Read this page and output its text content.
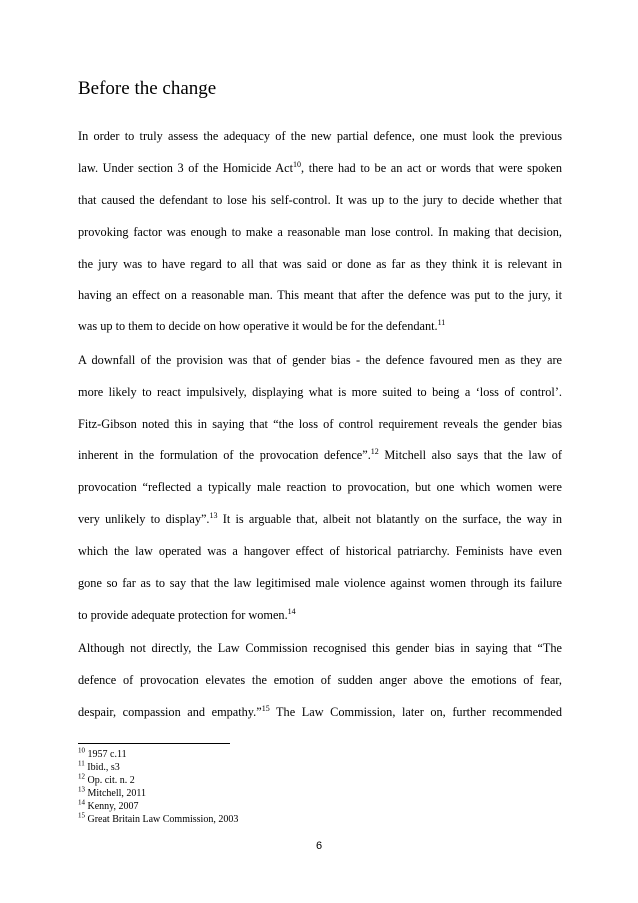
Before the change
In order to truly assess the adequacy of the new partial defence, one must look the previous
law. Under section 3 of the Homicide Act$^{10}$, there had to be an act or words that were spoken
that caused the defendant to lose his self-control. It was up to the jury to decide whether that
provoking factor was enough to make a reasonable man lose control. In making that decision,
the jury was to have regard to all that was said or done as far as they think it is relevant in
having an effect on a reasonable man. This meant that after the defence was put to the jury, it
was up to them to decide on how operative it would be for the defendant.$^{11}$
A downfall of the provision was that of gender bias - the defence favoured men as they are
more likely to react impulsively, displaying what is more suited to being a ‘loss of control’.
Fitz-Gibson noted this in saying that “the loss of control requirement reveals the gender bias
inherent in the formulation of the provocation defence”.$^{12}$ Mitchell also says that the law of
provocation “reflected a typically male reaction to provocation, but one which women were
very unlikely to display”.$^{13}$ It is arguable that, albeit not blatantly on the surface, the way in
which the law operated was a hangover effect of historical patriarchy. Feminists have even
gone so far as to say that the law legitimised male violence against women through its failure
to provide adequate protection for women.$^{14}$
Although not directly, the Law Commission recognised this gender bias in saying that “The
defence of provocation elevates the emotion of sudden anger above the emotions of fear,
despair, compassion and empathy.”$^{15}$ The Law Commission, later on, further recommended
$^{10}$ 1957 c.11
$^{11}$ Ibid., s3
$^{12}$ Op. cit. n. 2
$^{13}$ Mitchell, 2011
$^{14}$ Kenny, 2007
$^{15}$ Great Britain Law Commission, 2003
6
